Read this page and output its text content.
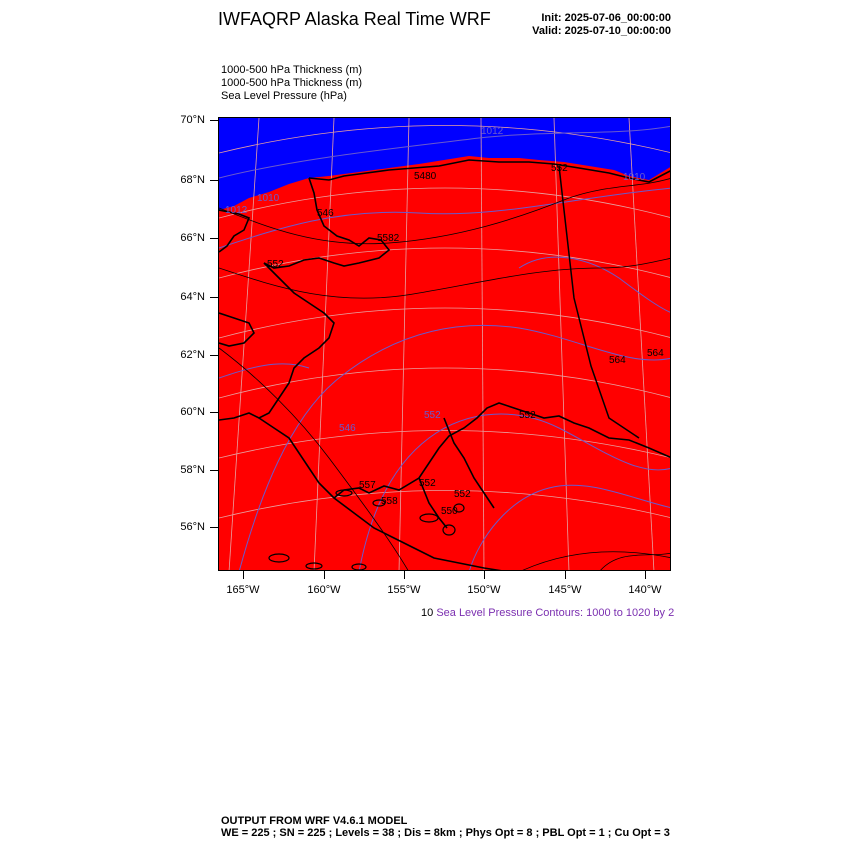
IWFAQRP Alaska Real Time WRF	Init: 2025-07-06_00:00:00
Valid: 2025-07-10_00:00:00
1000-500 hPa Thickness (m)
1000-500 hPa Thickness (m)
Sea Level Pressure (hPa)
1012
1010
1012
1010
5480
552
546
5582
552
564
564
552
546
557
558
552
552
552
550
70°N
68°N
66°N
64°N
62°N
60°N
58°N
56°N
165°W	160°W	155°W	150°W	145°W	140°W
10 Sea Level Pressure Contours: 1000 to 1020 by 2
OUTPUT FROM WRF V4.6.1 MODEL
WE = 225 ; SN = 225 ; Levels = 38 ; Dis = 8km ; Phys Opt = 8 ; PBL Opt = 1 ; Cu Opt = 3
